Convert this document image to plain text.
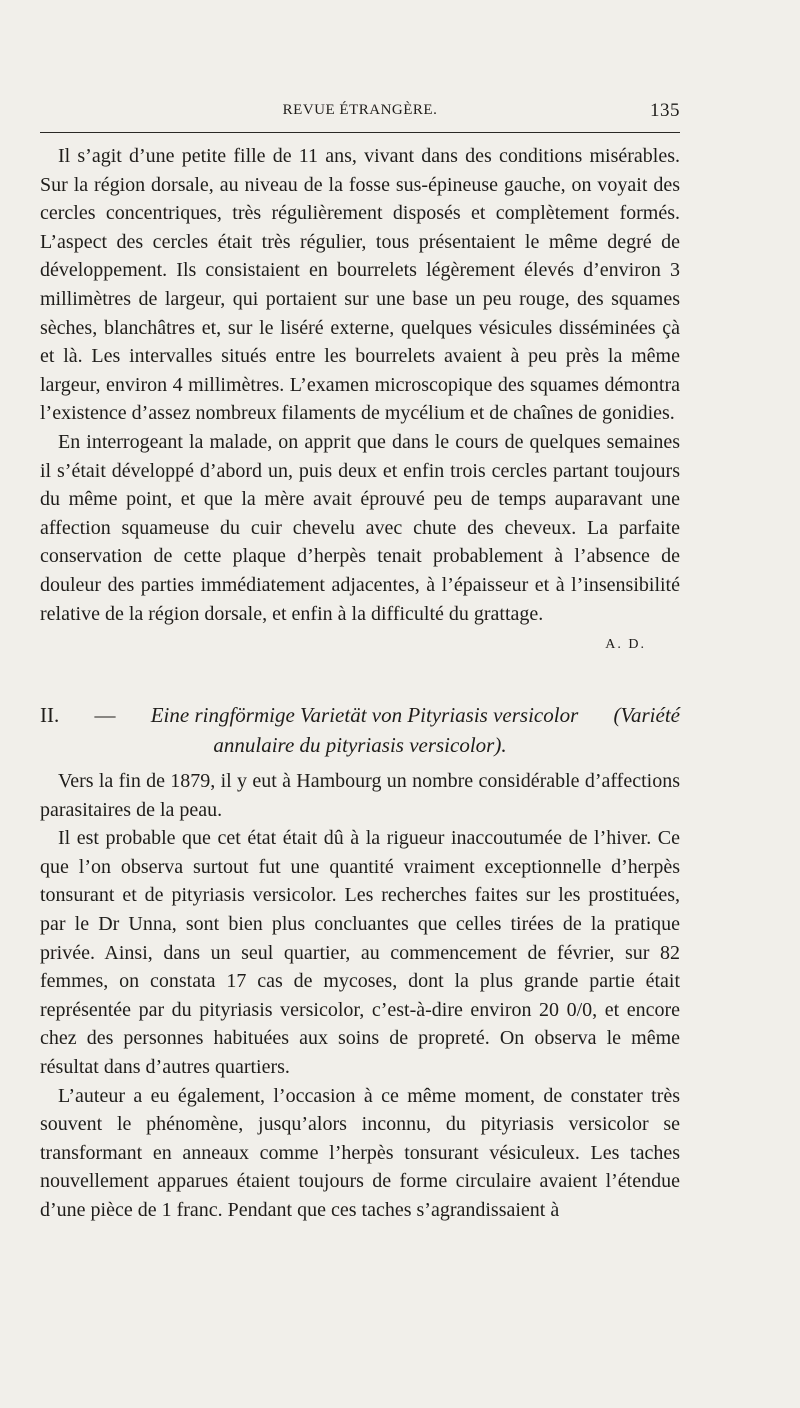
REVUE ÉTRANGÈRE.	135

Il s’agit d’une petite fille de 11 ans, vivant dans des conditions misérables. Sur la région dorsale, au niveau de la fosse sus-épineuse gauche, on voyait des cercles concentriques, très régulièrement disposés et complètement formés. L’aspect des cercles était très régulier, tous présentaient le même degré de développement. Ils consistaient en bourrelets légèrement élevés d’environ 3 millimètres de largeur, qui portaient sur une base un peu rouge, des squames sèches, blanchâtres et, sur le liséré externe, quelques vésicules disséminées çà et là. Les intervalles situés entre les bourrelets avaient à peu près la même largeur, environ 4 millimètres. L’examen microscopique des squames démontra l’existence d’assez nombreux filaments de mycélium et de chaînes de gonidies.

En interrogeant la malade, on apprit que dans le cours de quelques semaines il s’était développé d’abord un, puis deux et enfin trois cercles partant toujours du même point, et que la mère avait éprouvé peu de temps auparavant une affection squameuse du cuir chevelu avec chute des cheveux. La parfaite conservation de cette plaque d’herpès tenait probablement à l’absence de douleur des parties immédiatement adjacentes, à l’épaisseur et à l’insensibilité relative de la région dorsale, et enfin à la difficulté du grattage.

A. D.

II. — Eine ringförmige Varietät von Pityriasis versicolor (Variété
annulaire du pityriasis versicolor).

Vers la fin de 1879, il y eut à Hambourg un nombre considérable d’affections parasitaires de la peau.

Il est probable que cet état était dû à la rigueur inaccoutumée de l’hiver. Ce que l’on observa surtout fut une quantité vraiment exceptionnelle d’herpès tonsurant et de pityriasis versicolor. Les recherches faites sur les prostituées, par le Dr Unna, sont bien plus concluantes que celles tirées de la pratique privée. Ainsi, dans un seul quartier, au commencement de février, sur 82 femmes, on constata 17 cas de mycoses, dont la plus grande partie était représentée par du pityriasis versicolor, c’est-à-dire environ 20 0/0, et encore chez des personnes habituées aux soins de propreté. On observa le même résultat dans d’autres quartiers.

L’auteur a eu également, l’occasion à ce même moment, de constater très souvent le phénomène, jusqu’alors inconnu, du pityriasis versicolor se transformant en anneaux comme l’herpès tonsurant vésiculeux. Les taches nouvellement apparues étaient toujours de forme circulaire avaient l’étendue d’une pièce de 1 franc. Pendant que ces taches s’agrandissaient à
